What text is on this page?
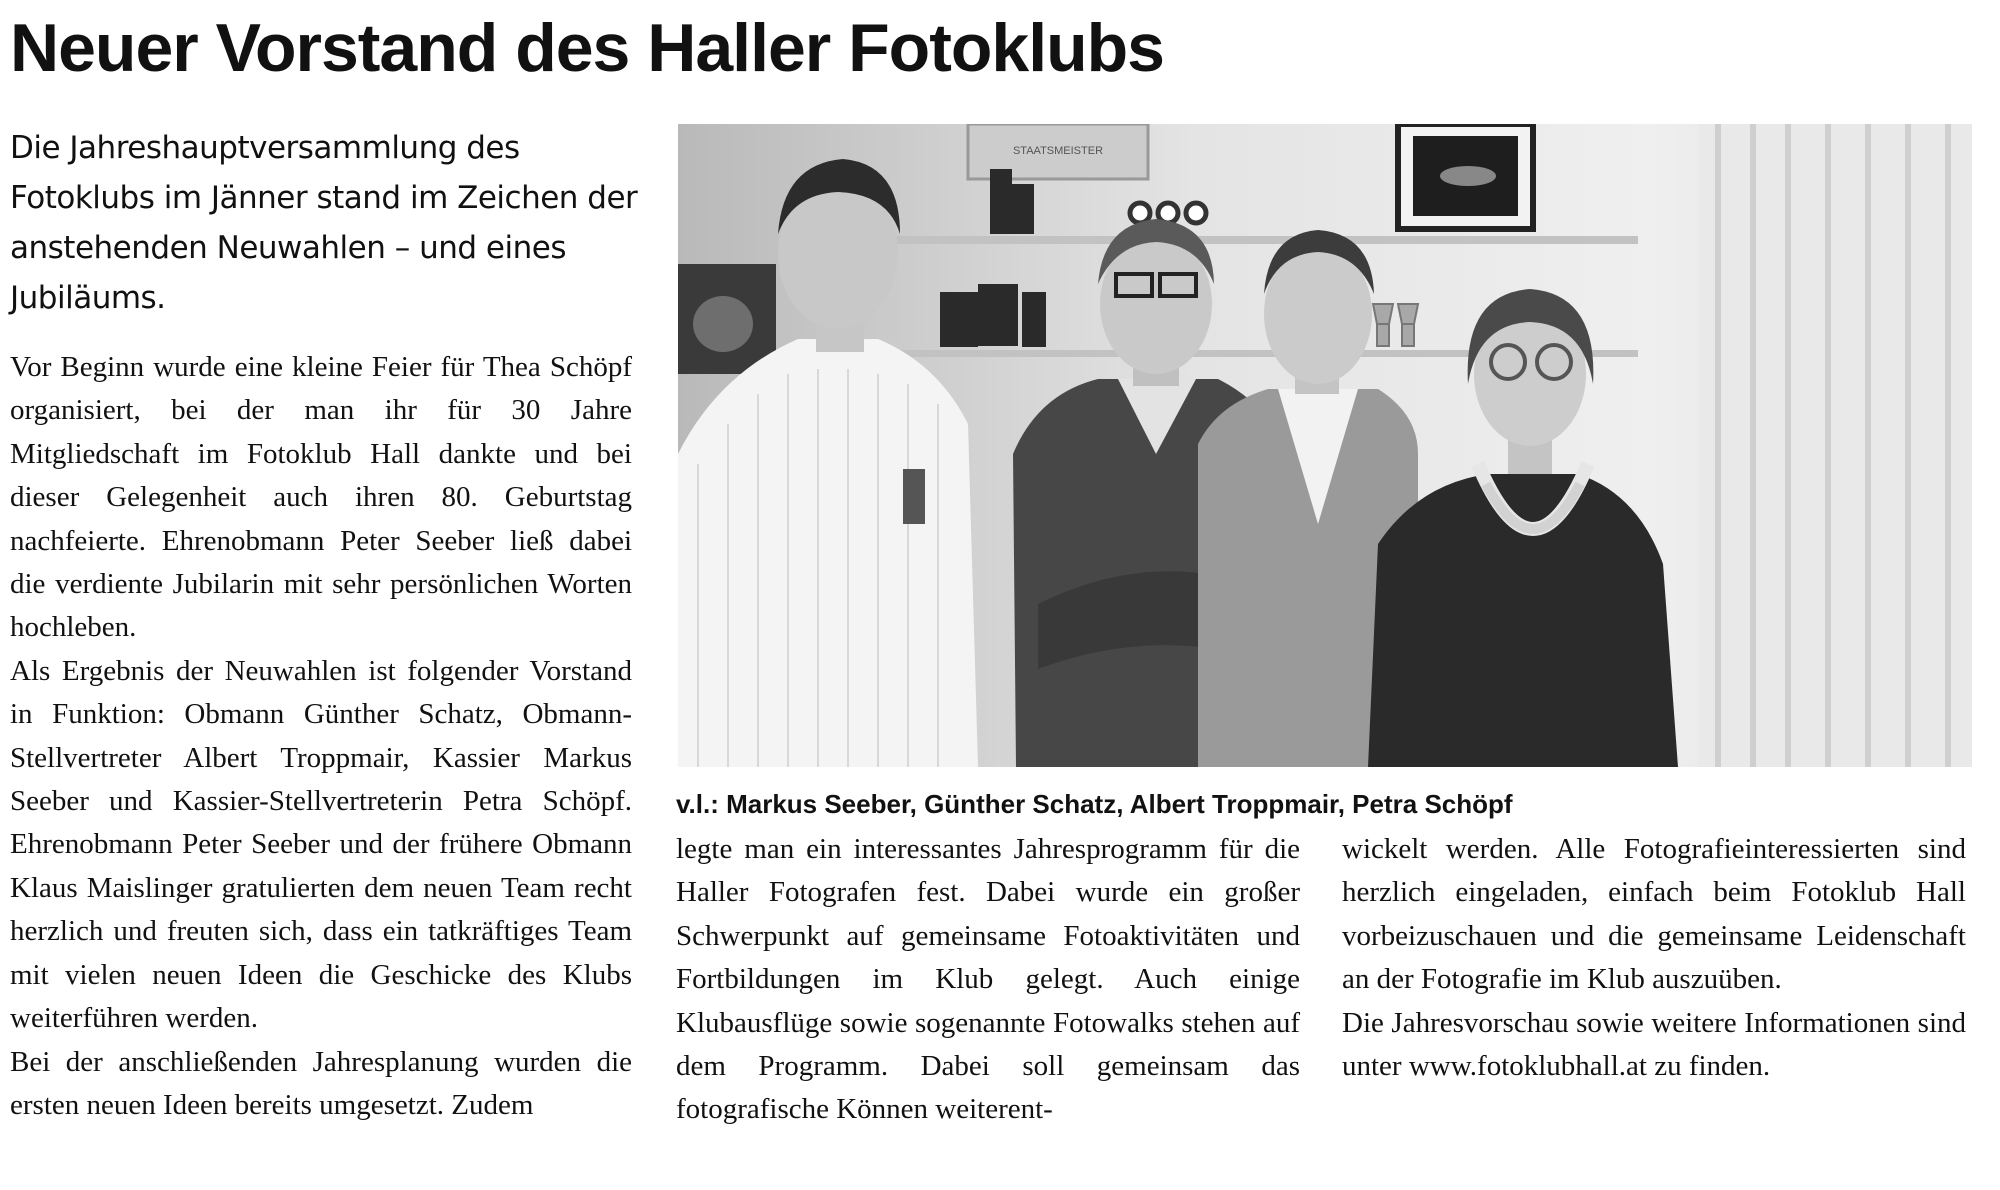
Neuer Vorstand des Haller Fotoklubs

Die Jahreshauptversammlung des Fotoklubs im Jänner stand im Zeichen der anstehenden Neuwahlen – und eines Jubiläums.

Vor Beginn wurde eine kleine Feier für Thea Schöpf organisiert, bei der man ihr für 30 Jahre Mitgliedschaft im Fotoklub Hall dankte und bei dieser Gelegenheit auch ihren 80. Geburtstag nachfeierte. Ehrenobmann Peter Seeber ließ dabei die verdiente Jubilarin mit sehr persönlichen Worten hochleben.

Als Ergebnis der Neuwahlen ist folgender Vorstand in Funktion: Obmann Günther Schatz, Obmann-Stellvertreter Albert Troppmair, Kassier Markus Seeber und Kassier-Stellvertreterin Petra Schöpf. Ehrenobmann Peter Seeber und der frühere Obmann Klaus Maislinger gratulierten dem neuen Team recht herzlich und freuten sich, dass ein tatkräftiges Team mit vielen neuen Ideen die Geschicke des Klubs weiterführen werden.

Bei der anschließenden Jahresplanung wurden die ersten neuen Ideen bereits umgesetzt. Zudem

STAATSMEISTER

v.l.: Markus Seeber, Günther Schatz, Albert Troppmair, Petra Schöpf

legte man ein interessantes Jahresprogramm für die Haller Fotografen fest. Dabei wurde ein großer Schwerpunkt auf gemeinsame Fotoaktivitäten und Fortbildungen im Klub gelegt. Auch einige Klubausflüge sowie sogenannte Fotowalks stehen auf dem Programm. Dabei soll gemeinsam das fotografische Können weiterent-

wickelt werden. Alle Fotografieinteressierten sind herzlich eingeladen, einfach beim Fotoklub Hall vorbeizuschauen und die gemeinsame Leidenschaft an der Fotografie im Klub auszuüben.

Die Jahresvorschau sowie weitere Informationen sind unter www.fotoklubhall.at zu finden.
